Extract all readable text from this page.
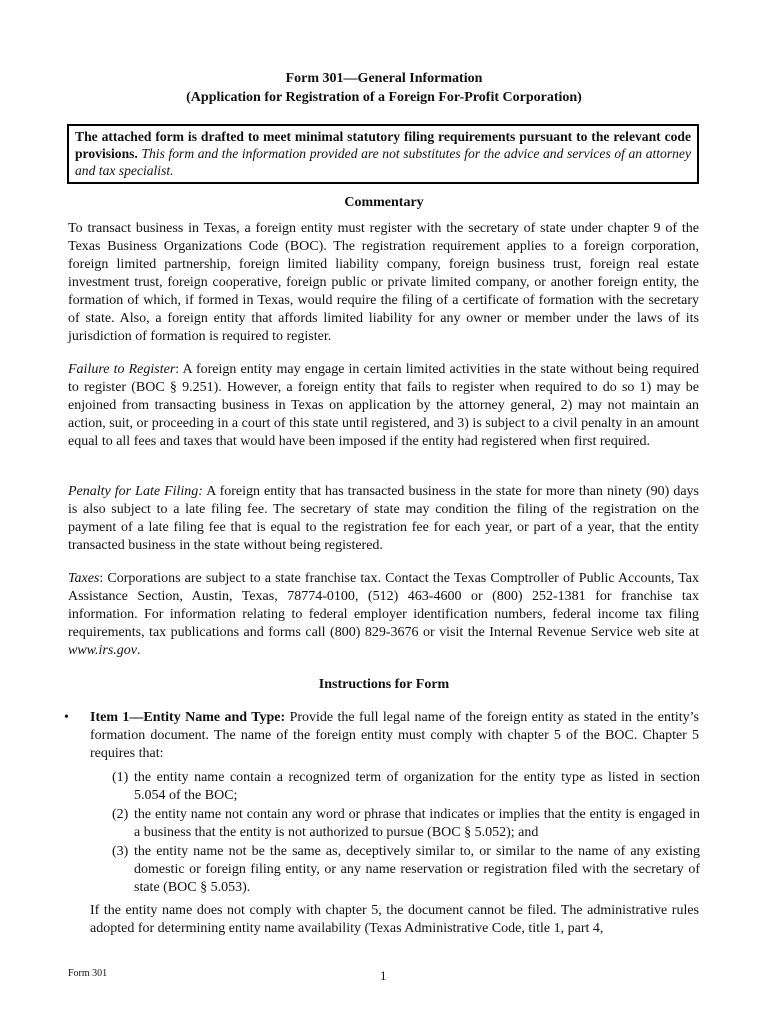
Form 301—General Information
(Application for Registration of a Foreign For-Profit Corporation)
The attached form is drafted to meet minimal statutory filing requirements pursuant to the relevant code provisions. This form and the information provided are not substitutes for the advice and services of an attorney and tax specialist.
Commentary
To transact business in Texas, a foreign entity must register with the secretary of state under chapter 9 of the Texas Business Organizations Code (BOC). The registration requirement applies to a foreign corporation, foreign limited partnership, foreign limited liability company, foreign business trust, foreign real estate investment trust, foreign cooperative, foreign public or private limited company, or another foreign entity, the formation of which, if formed in Texas, would require the filing of a certificate of formation with the secretary of state. Also, a foreign entity that affords limited liability for any owner or member under the laws of its jurisdiction of formation is required to register.
Failure to Register: A foreign entity may engage in certain limited activities in the state without being required to register (BOC § 9.251). However, a foreign entity that fails to register when required to do so 1) may be enjoined from transacting business in Texas on application by the attorney general, 2) may not maintain an action, suit, or proceeding in a court of this state until registered, and 3) is subject to a civil penalty in an amount equal to all fees and taxes that would have been imposed if the entity had registered when first required.
Penalty for Late Filing: A foreign entity that has transacted business in the state for more than ninety (90) days is also subject to a late filing fee. The secretary of state may condition the filing of the registration on the payment of a late filing fee that is equal to the registration fee for each year, or part of a year, that the entity transacted business in the state without being registered.
Taxes: Corporations are subject to a state franchise tax. Contact the Texas Comptroller of Public Accounts, Tax Assistance Section, Austin, Texas, 78774-0100, (512) 463-4600 or (800) 252-1381 for franchise tax information. For information relating to federal employer identification numbers, federal income tax filing requirements, tax publications and forms call (800) 829-3676 or visit the Internal Revenue Service web site at www.irs.gov.
Instructions for Form
• Item 1—Entity Name and Type: Provide the full legal name of the foreign entity as stated in the entity’s formation document. The name of the foreign entity must comply with chapter 5 of the BOC. Chapter 5 requires that:
(1) the entity name contain a recognized term of organization for the entity type as listed in section 5.054 of the BOC;
(2) the entity name not contain any word or phrase that indicates or implies that the entity is engaged in a business that the entity is not authorized to pursue (BOC § 5.052); and
(3) the entity name not be the same as, deceptively similar to, or similar to the name of any existing domestic or foreign filing entity, or any name reservation or registration filed with the secretary of state (BOC § 5.053).
If the entity name does not comply with chapter 5, the document cannot be filed. The administrative rules adopted for determining entity name availability (Texas Administrative Code, title 1, part 4,
Form 301	1
